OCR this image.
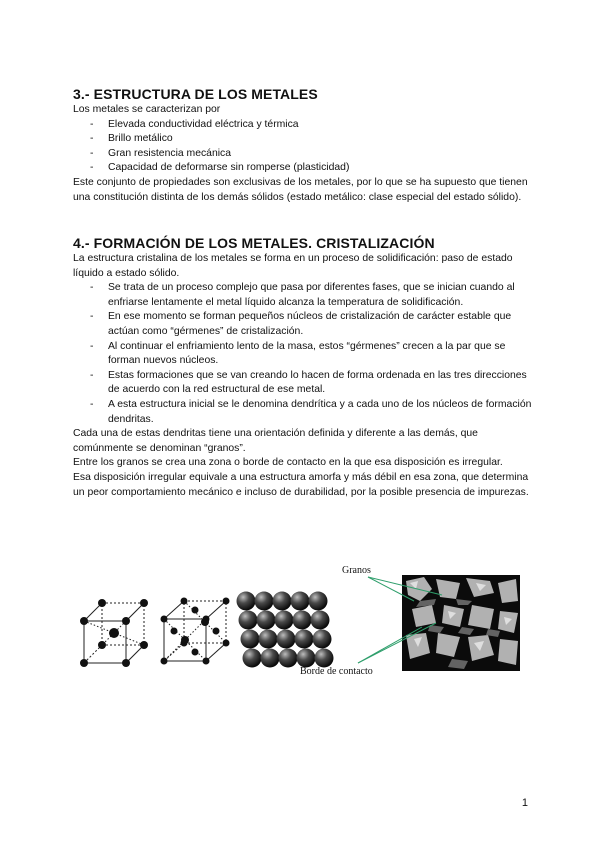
3.- ESTRUCTURA DE LOS METALES

Los metales se caracterizan por

- Elevada conductividad eléctrica y térmica
- Brillo metálico
- Gran resistencia mecánica
- Capacidad de deformarse sin romperse (plasticidad)

Este conjunto de propiedades son exclusivas de los metales, por lo que se ha supuesto que tienen una constitución distinta de los demás sólidos (estado metálico: clase especial del estado sólido).

4.- FORMACIÓN DE LOS METALES. CRISTALIZACIÓN

La estructura cristalina de los metales se forma en un proceso de solidificación: paso de estado líquido a estado sólido.

- Se trata de un proceso complejo que pasa por diferentes fases, que se inician cuando al enfriarse lentamente el metal líquido alcanza la temperatura de solidificación.
- En ese momento se forman pequeños núcleos de cristalización de carácter estable que actúan como “gérmenes” de cristalización.
- Al continuar el enfriamiento lento de la masa, estos “gérmenes” crecen a la par que se forman nuevos núcleos.
- Estas formaciones que se van creando lo hacen de forma ordenada en las tres direcciones de acuerdo con la red estructural de ese metal.
- A esta estructura inicial se le denomina dendrítica y a cada uno de los núcleos de formación dendritas.

Cada una de estas dendritas tiene una orientación definida y diferente a las demás, que comúnmente se denominan “granos”.

Entre los granos se crea una zona o borde de contacto en la que esa disposición es irregular.

Esa disposición irregular equivale a una estructura amorfa y más débil en esa zona, que determina un peor comportamiento mecánico e incluso de durabilidad, por la posible presencia de impurezas.

Granos
Borde de contacto
1
